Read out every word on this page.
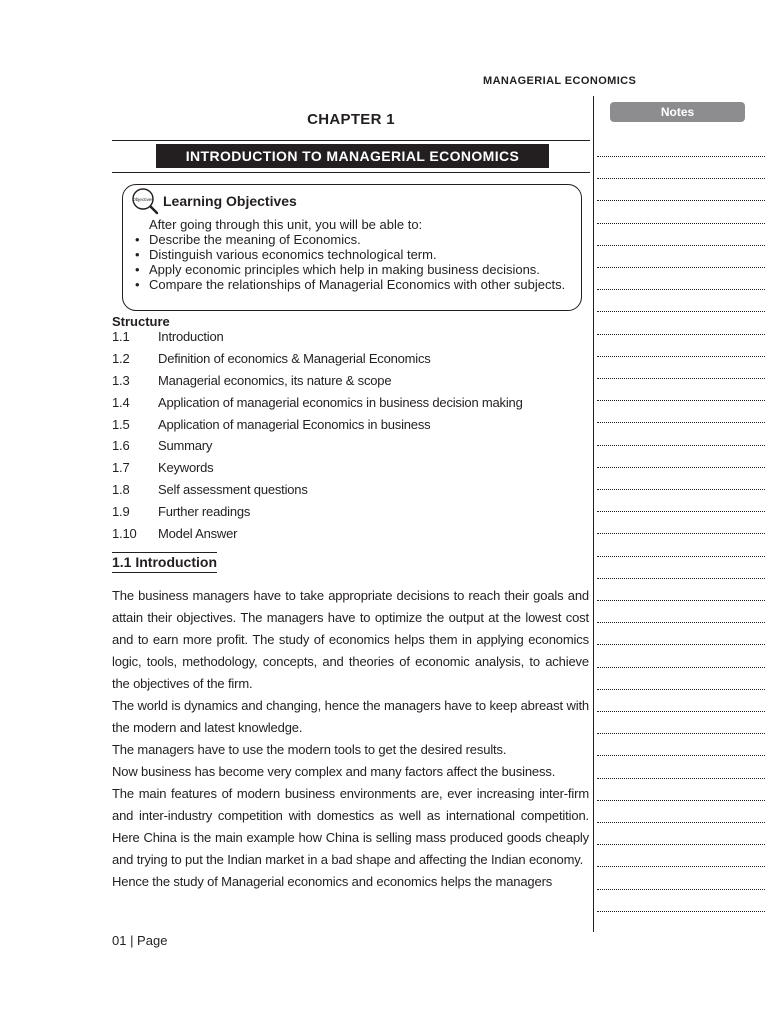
MANAGERIAL ECONOMICS
Notes
CHAPTER 1
INTRODUCTION TO MANAGERIAL ECONOMICS
Objectives Learning Objectives
After going through this unit, you will be able to:
• Describe the meaning of Economics.
• Distinguish various economics technological term.
• Apply economic principles which help in making business decisions.
• Compare the relationships of Managerial Economics with other subjects.
Structure
1.1	Introduction
1.2	Definition of economics & Managerial Economics
1.3	Managerial economics, its nature & scope
1.4	Application of managerial economics in business decision making
1.5	Application of managerial Economics in business
1.6	Summary
1.7	Keywords
1.8	Self assessment questions
1.9	Further readings
1.10	Model Answer
1.1 Introduction

The business managers have to take appropriate decisions to reach their goals and attain their objectives. The managers have to optimize the output at the lowest cost and to earn more profit. The study of economics helps them in applying economics logic, tools, methodology, concepts, and theories of economic analysis, to achieve the objectives of the firm.

The world is dynamics and changing, hence the managers have to keep abreast with the modern and latest knowledge.

The managers have to use the modern tools to get the desired results.

Now business has become very complex and many factors affect the business.

The main features of modern business environments are, ever increasing inter-firm and inter-industry competition with domestics as well as international competition. Here China is the main example how China is selling mass produced goods cheaply and trying to put the Indian market in a bad shape and affecting the Indian economy.

Hence the study of Managerial economics and economics helps the managers

01 | Page
